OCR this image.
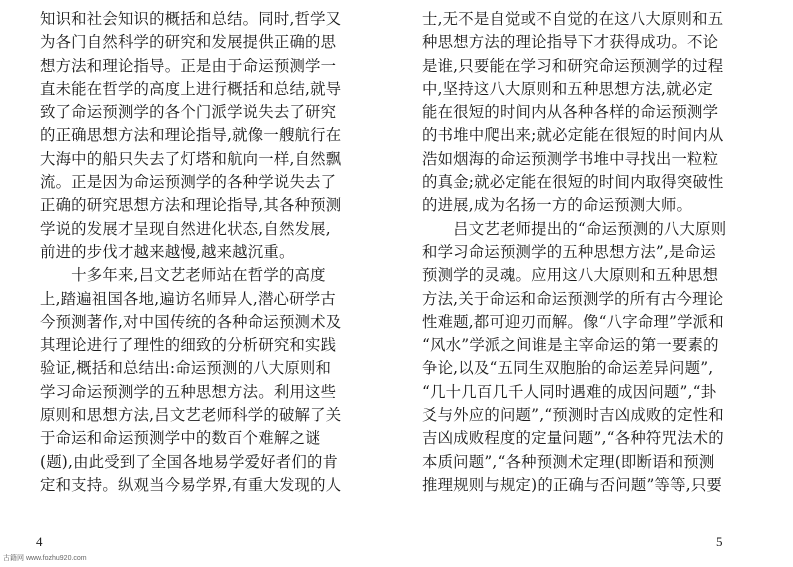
知识和社会知识的概括和总结。同时,哲学又
为各门自然科学的研究和发展提供正确的思
想方法和理论指导。正是由于命运预测学一
直未能在哲学的高度上进行概括和总结,就导
致了命运预测学的各个门派学说失去了研究
的正确思想方法和理论指导,就像一艘航行在
大海中的船只失去了灯塔和航向一样,自然飘
流。正是因为命运预测学的各种学说失去了
正确的研究思想方法和理论指导,其各种预测
学说的发展才呈现自然进化状态,自然发展,
前进的步伐才越来越慢,越来越沉重。
　　十多年来,吕文艺老师站在哲学的高度
上,踏遍祖国各地,遍访名师异人,潜心研学古
今预测著作,对中国传统的各种命运预测术及
其理论进行了理性的细致的分析研究和实践
验证,概括和总结出:命运预测的八大原则和
学习命运预测学的五种思想方法。利用这些
原则和思想方法,吕文艺老师科学的破解了关
于命运和命运预测学中的数百个难解之谜
(题),由此受到了全国各地易学爱好者们的肯
定和支持。纵观当今易学界,有重大发现的人
4
古籍网 www.fozhu920.com
士,无不是自觉或不自觉的在这八大原则和五
种思想方法的理论指导下才获得成功。不论
是谁,只要能在学习和研究命运预测学的过程
中,坚持这八大原则和五种思想方法,就必定
能在很短的时间内从各种各样的命运预测学
的书堆中爬出来;就必定能在很短的时间内从
浩如烟海的命运预测学书堆中寻找出一粒粒
的真金;就必定能在很短的时间内取得突破性
的进展,成为名扬一方的命运预测大师。
　　吕文艺老师提出的“命运预测的八大原则
和学习命运预测学的五种思想方法”,是命运
预测学的灵魂。应用这八大原则和五种思想
方法,关于命运和命运预测学的所有古今理论
性难题,都可迎刃而解。像“八字命理”学派和
“风水”学派之间谁是主宰命运的第一要素的
争论,以及“五同生双胞胎的命运差异问题”,
“几十几百几千人同时遇难的成因问题”,“卦
爻与外应的问题”,“预测时吉凶成败的定性和
吉凶成败程度的定量问题”,“各种符咒法术的
本质问题”,“各种预测术定理(即断语和预测
推理规则与规定)的正确与否问题”等等,只要
5
